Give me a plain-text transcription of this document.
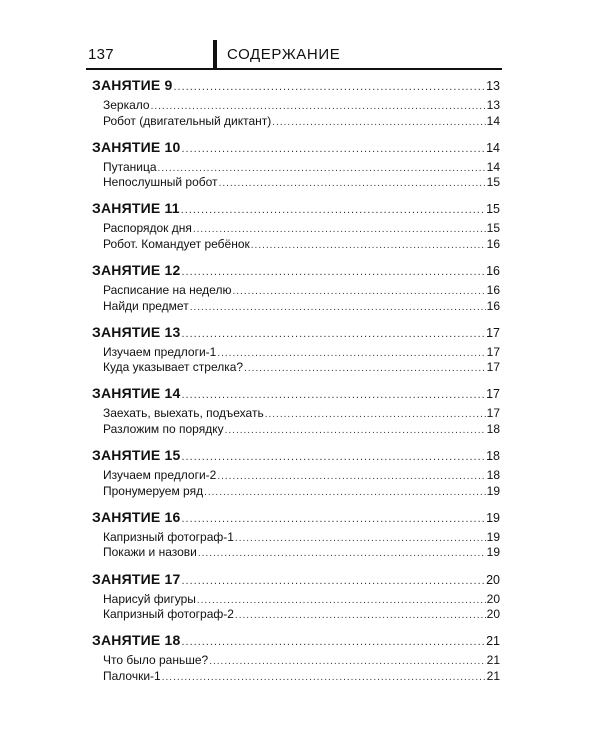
137	СОДЕРЖАНИЕ
ЗАНЯТИЕ 9 .....	13
Зеркало .....	13
Робот (двигательный диктант) .....	14
ЗАНЯТИЕ 10 .....	14
Путаница .....	14
Непослушный робот .....	15
ЗАНЯТИЕ 11 .....	15
Распорядок дня .....	15
Робот. Командует ребёнок .....	16
ЗАНЯТИЕ 12 .....	16
Расписание на неделю .....	16
Найди предмет .....	16
ЗАНЯТИЕ 13 .....	17
Изучаем предлоги-1 .....	17
Куда указывает стрелка? .....	17
ЗАНЯТИЕ 14 .....	17
Заехать, выехать, подъехать .....	17
Разложим по порядку .....	18
ЗАНЯТИЕ 15 .....	18
Изучаем предлоги-2 .....	18
Пронумеруем ряд .....	19
ЗАНЯТИЕ 16 .....	19
Капризный фотограф-1 .....	19
Покажи и назови .....	19
ЗАНЯТИЕ 17 .....	20
Нарисуй фигуры .....	20
Капризный фотограф-2 .....	20
ЗАНЯТИЕ 18 .....	21
Что было раньше? .....	21
Палочки-1 .....	21
